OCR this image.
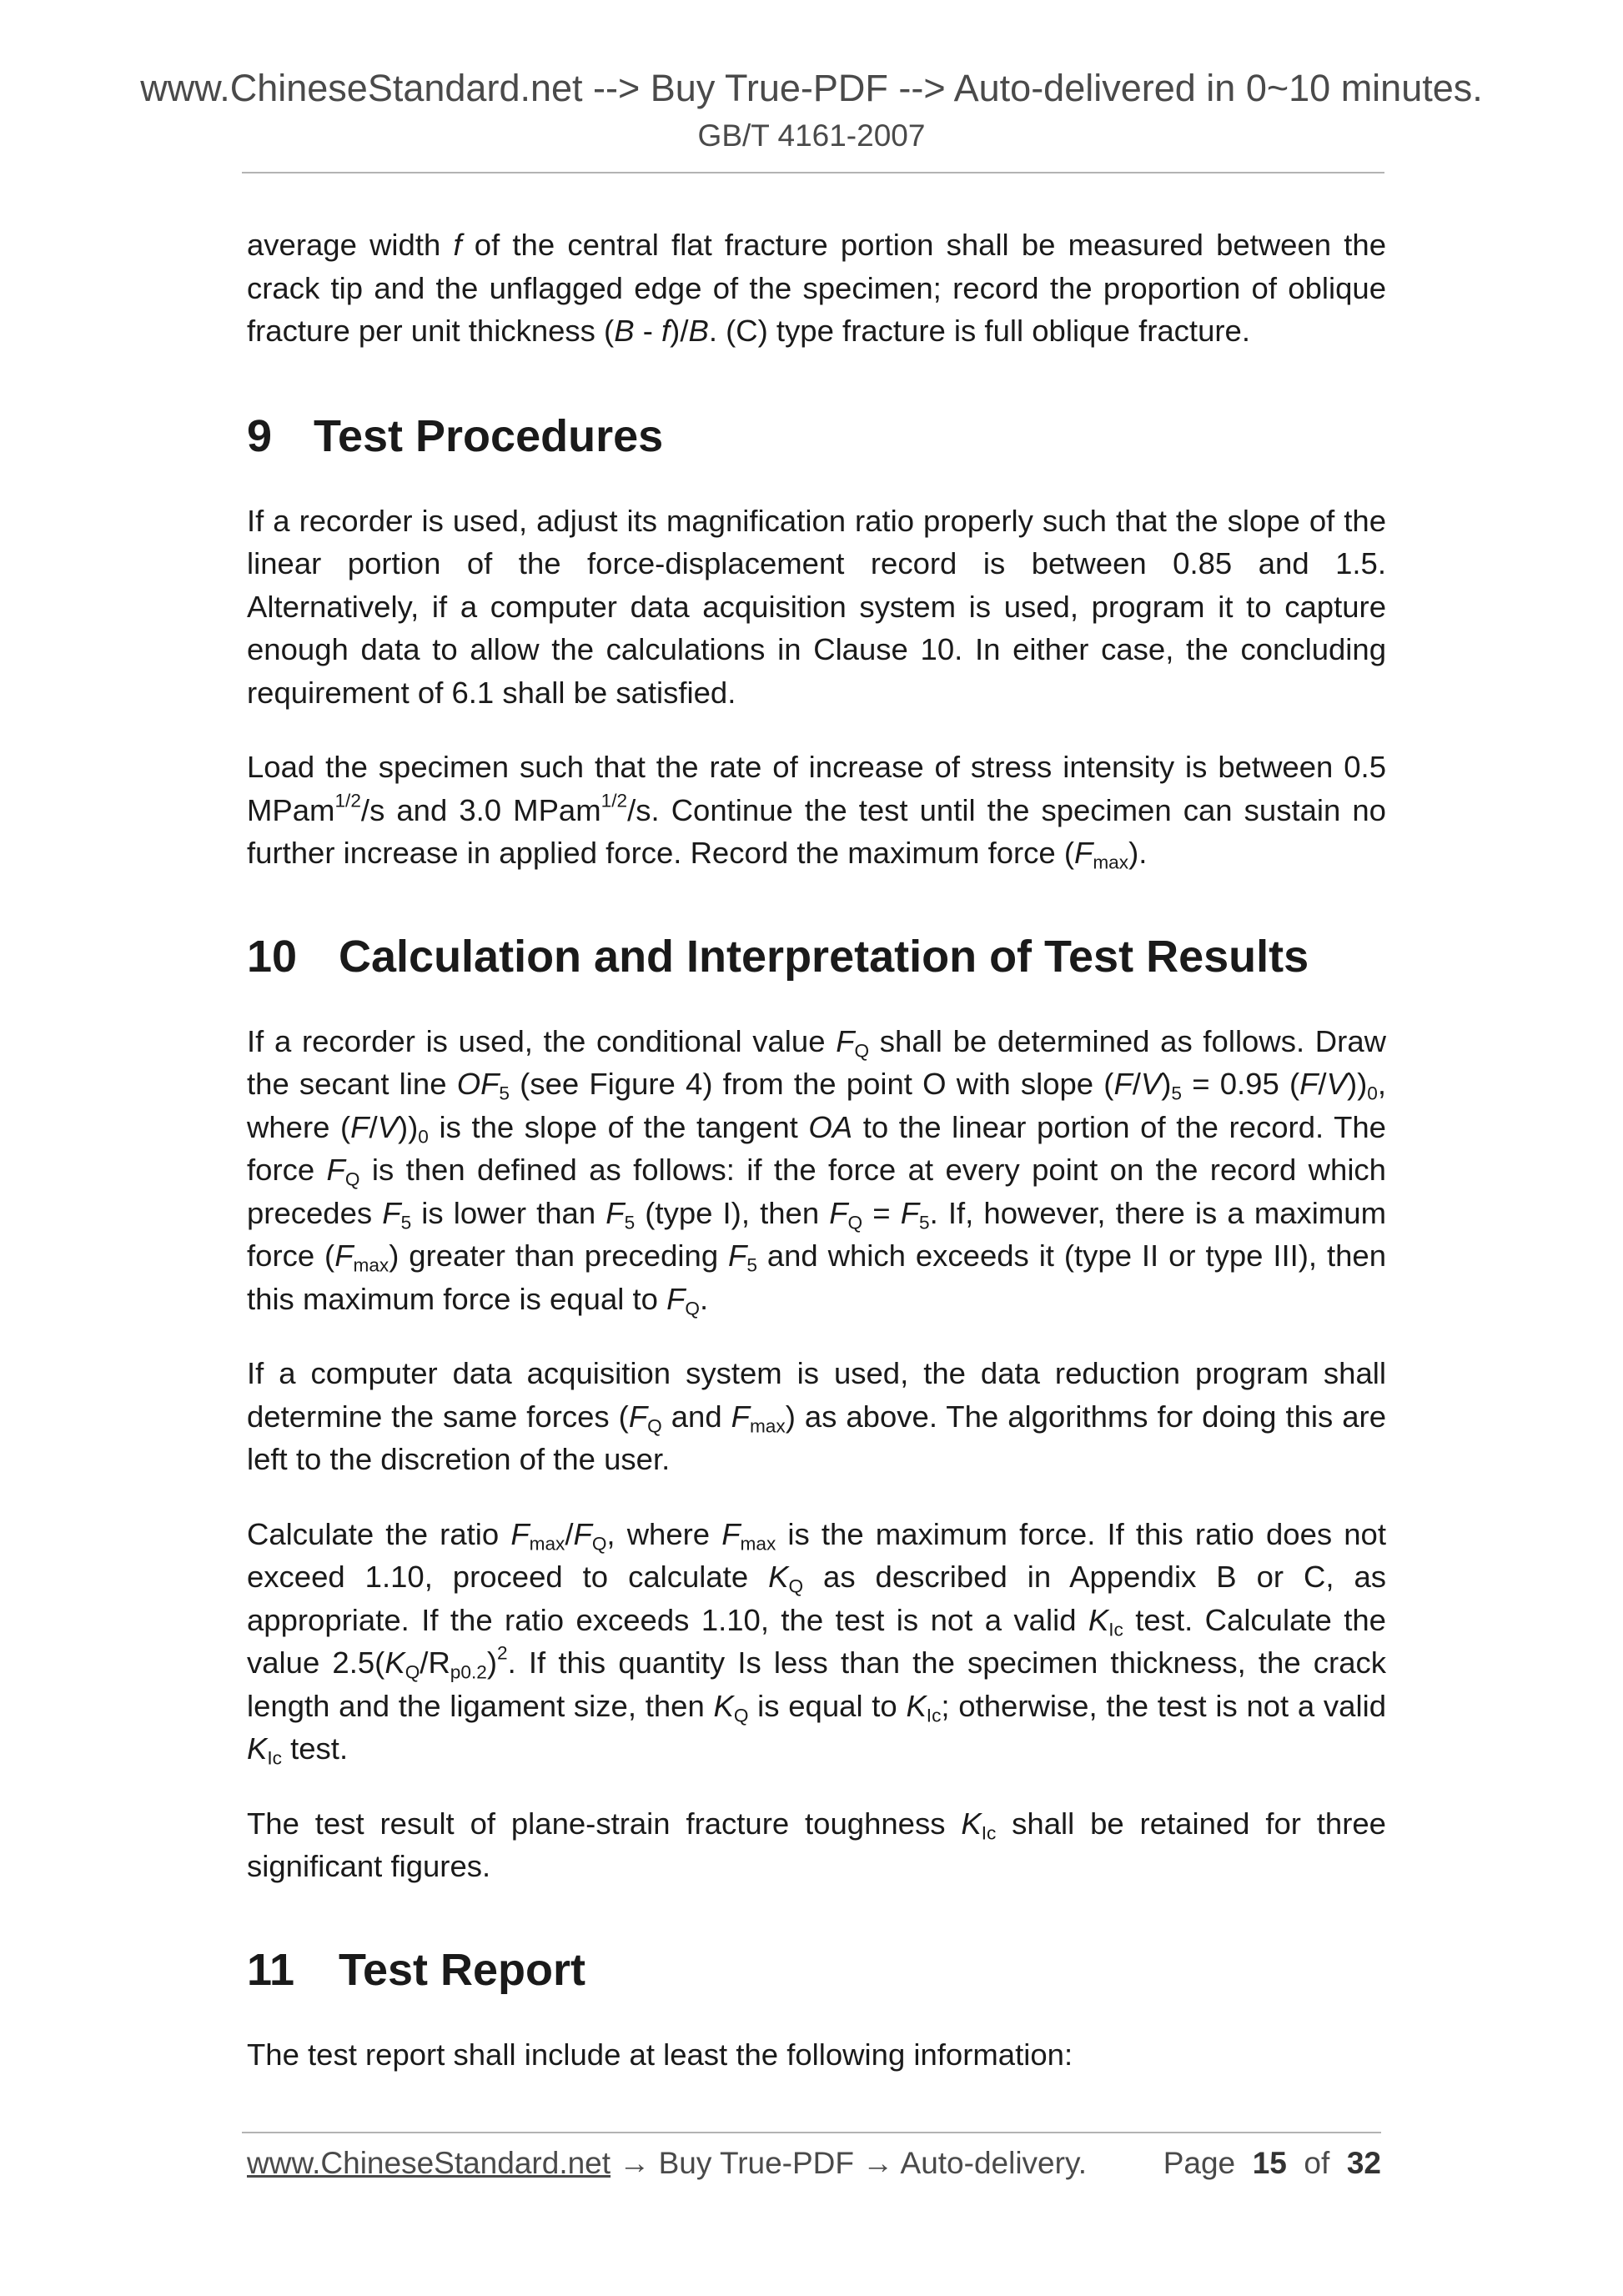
www.ChineseStandard.net --> Buy True-PDF --> Auto-delivered in 0~10 minutes.
GB/T 4161-2007

average width f of the central flat fracture portion shall be measured between the crack tip and the unflagged edge of the specimen; record the proportion of oblique fracture per unit thickness (B - f)/B. (C) type fracture is full oblique fracture.

9 Test Procedures

If a recorder is used, adjust its magnification ratio properly such that the slope of the linear portion of the force-displacement record is between 0.85 and 1.5. Alternatively, if a computer data acquisition system is used, program it to capture enough data to allow the calculations in Clause 10. In either case, the concluding requirement of 6.1 shall be satisfied.

Load the specimen such that the rate of increase of stress intensity is between 0.5 MPam$^{1/2}$/s and 3.0 MPam$^{1/2}$/s. Continue the test until the specimen can sustain no further increase in applied force. Record the maximum force $(F_{max})$.

10 Calculation and Interpretation of Test Results

If a recorder is used, the conditional value $F_Q$ shall be determined as follows. Draw the secant line $OF_5$ (see Figure 4) from the point O with slope $(F/V)_5 = 0.95$ $(F/V))_0$, where $(F/V))_0$ is the slope of the tangent OA to the linear portion of the record. The force $F_Q$ is then defined as follows: if the force at every point on the record which precedes $F_5$ is lower than $F_5$ (type I), then $F_Q = F_5$. If, however, there is a maximum force $(F_{max})$ greater than preceding $F_5$ and which exceeds it (type II or type III), then this maximum force is equal to $F_Q$.

If a computer data acquisition system is used, the data reduction program shall determine the same forces ($F_Q$ and $F_{max}$) as above. The algorithms for doing this are left to the discretion of the user.

Calculate the ratio $F_{max}/F_Q$, where $F_{max}$ is the maximum force. If this ratio does not exceed 1.10, proceed to calculate $K_Q$ as described in Appendix B or C, as appropriate. If the ratio exceeds 1.10, the test is not a valid $K_{Ic}$ test. Calculate the value $2.5(K_Q/R_{p0.2})^2$. If this quantity Is less than the specimen thickness, the crack length and the ligament size, then $K_Q$ is equal to $K_{Ic}$; otherwise, the test is not a valid $K_{Ic}$ test.

The test result of plane-strain fracture toughness $K_{Ic}$ shall be retained for three significant figures.

11 Test Report

The test report shall include at least the following information:

www.ChineseStandard.net → Buy True-PDF → Auto-delivery. Page 15 of 32
